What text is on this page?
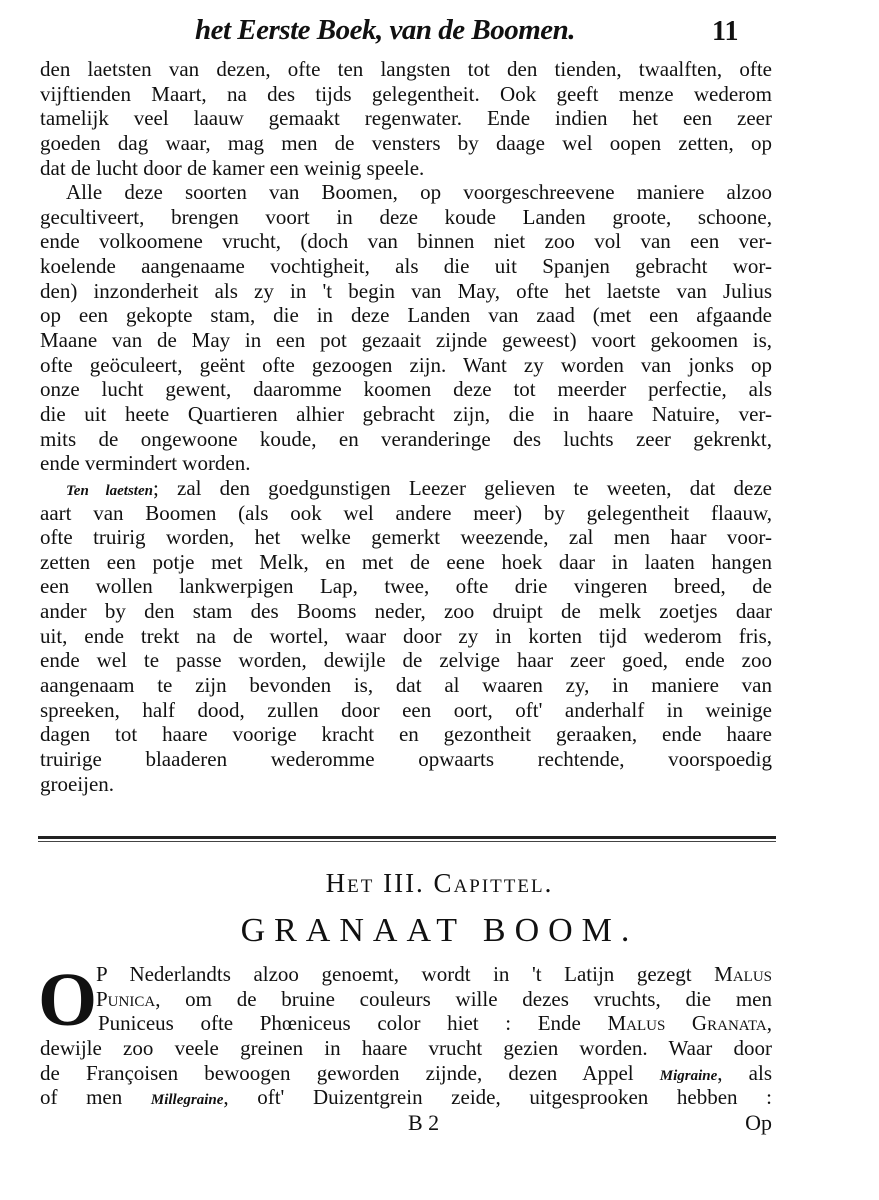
het Eerste Boek, van de Boomen.	11
den laetsten van dezen, ofte ten langsten tot den tienden, twaalften, ofte
vijftienden Maart, na des tijds gelegentheit. Ook geeft menze wederom
tamelijk veel laauw gemaakt regenwater. Ende indien het een zeer
goeden dag waar, mag men de vensters by daage wel oopen zetten, op
dat de lucht door de kamer een weinig speele.
Alle deze soorten van Boomen, op voorgeschreevene maniere alzoo
gecultiveert, brengen voort in deze koude Landen groote, schoone,
ende volkoomene vrucht, (doch van binnen niet zoo vol van een ver-
koelende aangenaame vochtigheit, als die uit Spanjen gebracht wor-
den) inzonderheit als zy in 't begin van May, ofte het laetste van Julius
op een gekopte stam, die in deze Landen van zaad (met een afgaande
Maane van de May in een pot gezaait zijnde geweest) voort gekoomen is,
ofte geöculeert, geënt ofte gezoogen zijn. Want zy worden van jonks op
onze lucht gewent, daaromme koomen deze tot meerder perfectie, als
die uit heete Quartieren alhier gebracht zijn, die in haare Natuire, ver-
mits de ongewoone koude, en veranderinge des luchts zeer gekrenkt,
ende vermindert worden.
Ten laetsten; zal den goedgunstigen Leezer gelieven te weeten, dat deze
aart van Boomen (als ook wel andere meer) by gelegentheit flaauw,
ofte truirig worden, het welke gemerkt weezende, zal men haar voor-
zetten een potje met Melk, en met de eene hoek daar in laaten hangen
een wollen lankwerpigen Lap, twee, ofte drie vingeren breed, de
ander by den stam des Booms neder, zoo druipt de melk zoetjes daar
uit, ende trekt na de wortel, waar door zy in korten tijd wederom fris,
ende wel te passe worden, dewijle de zelvige haar zeer goed, ende zoo
aangenaam te zijn bevonden is, dat al waaren zy, in maniere van
spreeken, half dood, zullen door een oort, oft' anderhalf in weinige
dagen tot haare voorige kracht en gezontheit geraaken, ende haare
truirige blaaderen wederomme opwaarts rechtende, voorspoedig
groeijen.
Het III. Capittel.
GRANAAT BOOM.
O
P Nederlandts alzoo genoemt, wordt in 't Latijn gezegt Malus
Punica, om de bruine couleurs wille dezes vruchts, die men
Puniceus ofte Phœniceus color hiet : Ende Malus Granata,
dewijle zoo veele greinen in haare vrucht gezien worden. Waar door
de Françoisen bewoogen geworden zijnde, dezen Appel Migraine, als
of men Millegraine, oft' Duizentgrein zeide, uitgesprooken hebben :
B 2	Op
